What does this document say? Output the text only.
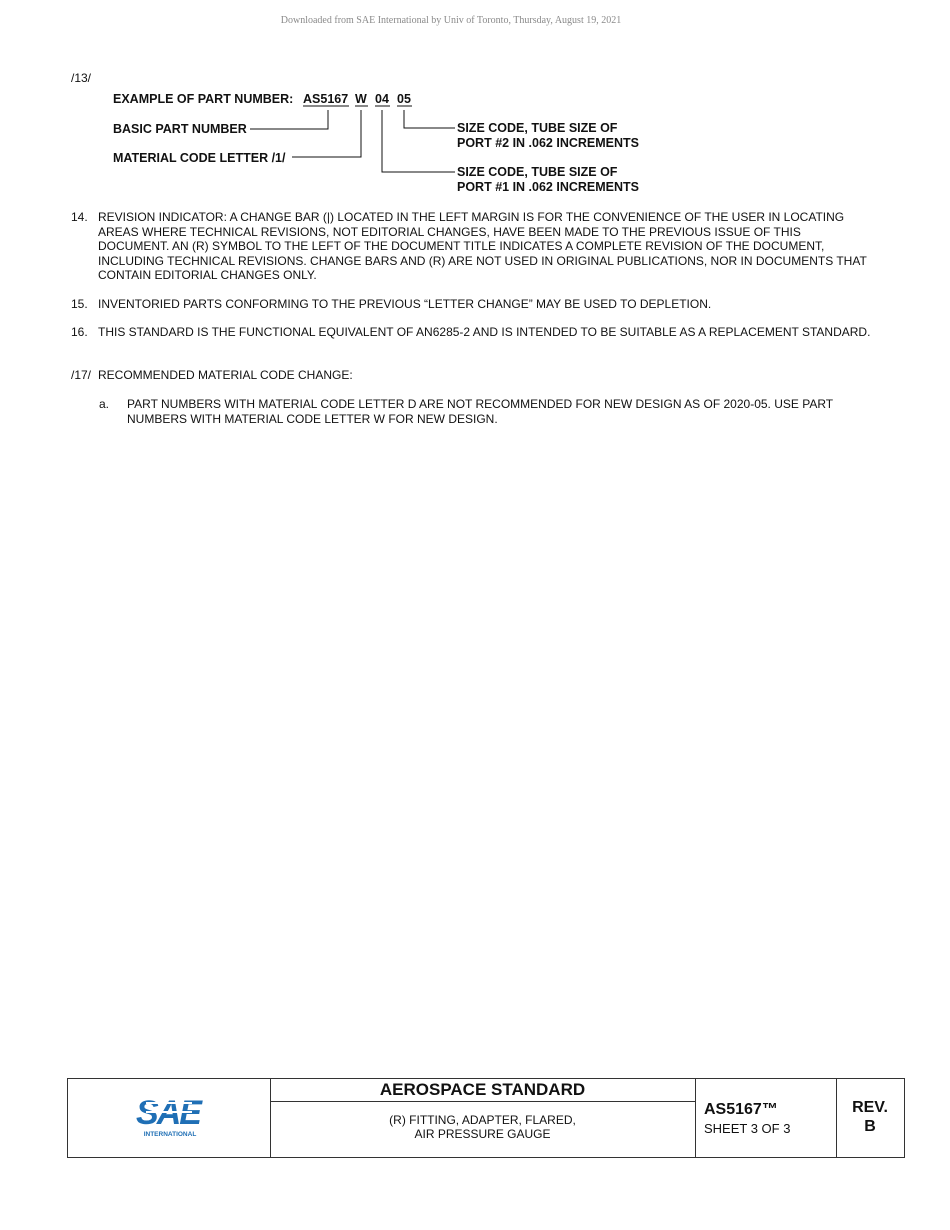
Downloaded from SAE International by Univ of Toronto, Thursday, August 19, 2021
/13/
EXAMPLE OF PART NUMBER: AS5167 W 04 05
BASIC PART NUMBER
MATERIAL CODE LETTER /1/
SIZE CODE, TUBE SIZE OF
PORT #2 IN .062 INCREMENTS
SIZE CODE, TUBE SIZE OF
PORT #1 IN .062 INCREMENTS
14. REVISION INDICATOR: A CHANGE BAR (|) LOCATED IN THE LEFT MARGIN IS FOR THE CONVENIENCE OF THE USER IN LOCATING AREAS WHERE TECHNICAL REVISIONS, NOT EDITORIAL CHANGES, HAVE BEEN MADE TO THE PREVIOUS ISSUE OF THIS DOCUMENT. AN (R) SYMBOL TO THE LEFT OF THE DOCUMENT TITLE INDICATES A COMPLETE REVISION OF THE DOCUMENT, INCLUDING TECHNICAL REVISIONS. CHANGE BARS AND (R) ARE NOT USED IN ORIGINAL PUBLICATIONS, NOR IN DOCUMENTS THAT CONTAIN EDITORIAL CHANGES ONLY.
15. INVENTORIED PARTS CONFORMING TO THE PREVIOUS “LETTER CHANGE” MAY BE USED TO DEPLETION.
16. THIS STANDARD IS THE FUNCTIONAL EQUIVALENT OF AN6285-2 AND IS INTENDED TO BE SUITABLE AS A REPLACEMENT STANDARD.
/17/ RECOMMENDED MATERIAL CODE CHANGE:
a. PART NUMBERS WITH MATERIAL CODE LETTER D ARE NOT RECOMMENDED FOR NEW DESIGN AS OF 2020-05. USE PART NUMBERS WITH MATERIAL CODE LETTER W FOR NEW DESIGN.
SAE
INTERNATIONAL
AEROSPACE STANDARD
(R) FITTING, ADAPTER, FLARED,
AIR PRESSURE GAUGE
AS5167™
SHEET 3 OF 3
REV.
B
